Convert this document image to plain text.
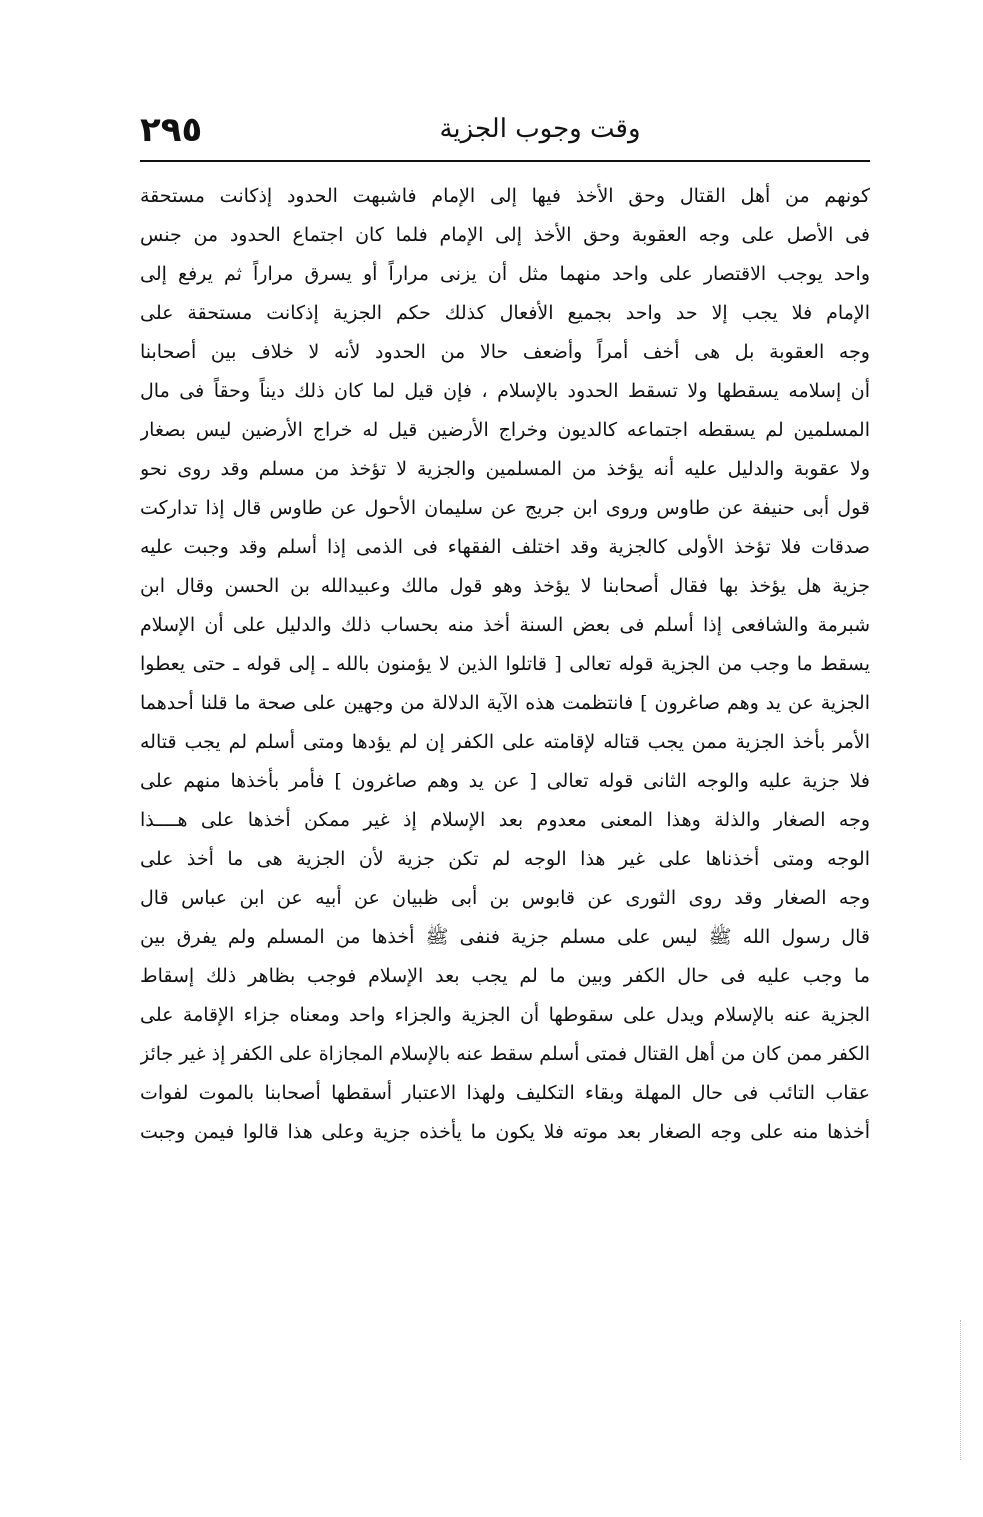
٢٩٥	وقت وجوب الجزية
كونهم من أهل القتال وحق الأخذ فيها إلى الإمام فاشبهت الحدود إذكانت مستحقة
فى الأصل على وجه العقوبة وحق الأخذ إلى الإمام فلما كان اجتماع الحدود من جنس
واحد يوجب الاقتصار على واحد منهما مثل أن يزنى مراراً أو يسرق مراراً ثم يرفع إلى
الإمام فلا يجب إلا حد واحد بجميع الأفعال كذلك حكم الجزية إذكانت مستحقة على
وجه العقوبة بل هى أخف أمراً وأضعف حالا من الحدود لأنه لا خلاف بين أصحابنا
أن إسلامه يسقطها ولا تسقط الحدود بالإسلام ، فإن قيل لما كان ذلك ديناً وحقاً فى مال
المسلمين لم يسقطه اجتماعه كالديون وخراج الأرضين قيل له خراج الأرضين ليس بصغار
ولا عقوبة والدليل عليه أنه يؤخذ من المسلمين والجزية لا تؤخذ من مسلم وقد روى نحو
قول أبى حنيفة عن طاوس وروى ابن جريج عن سليمان الأحول عن طاوس قال إذا تداركت
صدقات فلا تؤخذ الأولى كالجزية وقد اختلف الفقهاء فى الذمى إذا أسلم وقد وجبت عليه
جزية هل يؤخذ بها فقال أصحابنا لا يؤخذ وهو قول مالك وعبيدالله بن الحسن وقال ابن
شبرمة والشافعى إذا أسلم فى بعض السنة أخذ منه بحساب ذلك والدليل على أن الإسلام
يسقط ما وجب من الجزية قوله تعالى [ قاتلوا الذين لا يؤمنون بالله ـ إلى قوله ـ حتى يعطوا
الجزية عن يد وهم صاغرون ] فانتظمت هذه الآية الدلالة من وجهين على صحة ما قلنا أحدهما
الأمر بأخذ الجزية ممن يجب قتاله لإقامته على الكفر إن لم يؤدها ومتى أسلم لم يجب قتاله
فلا جزية عليه والوجه الثانى قوله تعالى [ عن يد وهم صاغرون ] فأمر بأخذها منهم على
وجه الصغار والذلة وهذا المعنى معدوم بعد الإسلام إذ غير ممكن أخذها على هــــذا
الوجه ومتى أخذناها على غير هذا الوجه لم تكن جزية لأن الجزية هى ما أخذ على
وجه الصغار وقد روى الثورى عن قابوس بن أبى ظبيان عن أبيه عن ابن عباس قال
قال رسول الله ﷺ ليس على مسلم جزية فنفى ﷺ أخذها من المسلم ولم يفرق بين
ما وجب عليه فى حال الكفر وبين ما لم يجب بعد الإسلام فوجب بظاهر ذلك إسقاط
الجزية عنه بالإسلام ويدل على سقوطها أن الجزية والجزاء واحد ومعناه جزاء الإقامة على
الكفر ممن كان من أهل القتال فمتى أسلم سقط عنه بالإسلام المجازاة على الكفر إذ غير جائز
عقاب التائب فى حال المهلة وبقاء التكليف ولهذا الاعتبار أسقطها أصحابنا بالموت لفوات
أخذها منه على وجه الصغار بعد موته فلا يكون ما يأخذه جزية وعلى هذا قالوا فيمن وجبت
